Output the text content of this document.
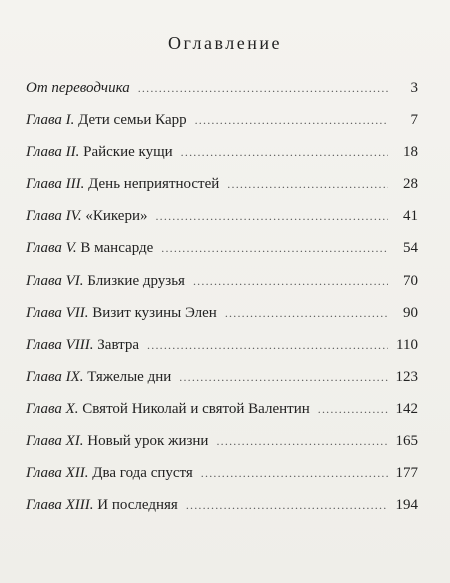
Оглавление
От переводчика .....	3
Глава I. Дети семьи Карр .....	7
Глава II. Райские кущи .....	18
Глава III. День неприятностей .....	28
Глава IV. «Кикери» .....	41
Глава V. В мансарде .....	54
Глава VI. Близкие друзья .....	70
Глава VII. Визит кузины Элен .....	90
Глава VIII. Завтра .....	110
Глава IX. Тяжелые дни .....	123
Глава X. Святой Николай и святой Валентин .....	142
Глава XI. Новый урок жизни .....	165
Глава XII. Два года спустя .....	177
Глава XIII. И последняя .....	194
